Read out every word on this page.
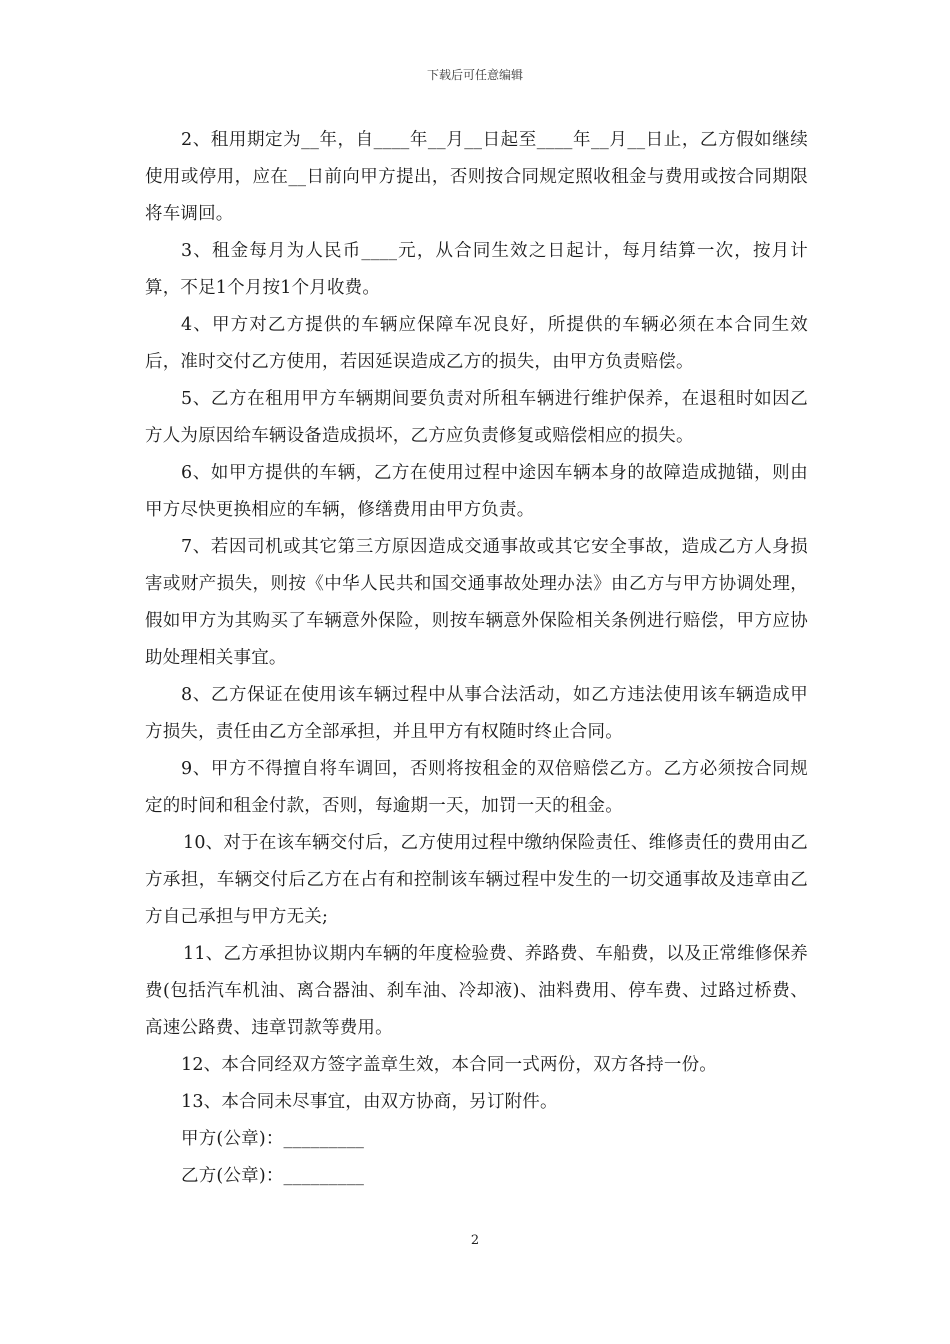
下载后可任意编辑

2、租用期定为__年，自____年__月__日起至____年__月__日止，乙方假如继续使用或停用，应在__日前向甲方提出，否则按合同规定照收租金与费用或按合同期限将车调回。

3、租金每月为人民币____元，从合同生效之日起计，每月结算一次，按月计算，不足1个月按1个月收费。

4、甲方对乙方提供的车辆应保障车况良好，所提供的车辆必须在本合同生效后，准时交付乙方使用，若因延误造成乙方的损失，由甲方负责赔偿。

5、乙方在租用甲方车辆期间要负责对所租车辆进行维护保养，在退租时如因乙方人为原因给车辆设备造成损坏，乙方应负责修复或赔偿相应的损失。

6、如甲方提供的车辆，乙方在使用过程中途因车辆本身的故障造成抛锚，则由甲方尽快更换相应的车辆，修缮费用由甲方负责。

7、若因司机或其它第三方原因造成交通事故或其它安全事故，造成乙方人身损害或财产损失，则按《中华人民共和国交通事故处理办法》由乙方与甲方协调处理，假如甲方为其购买了车辆意外保险，则按车辆意外保险相关条例进行赔偿，甲方应协助处理相关事宜。

8、乙方保证在使用该车辆过程中从事合法活动，如乙方违法使用该车辆造成甲方损失，责任由乙方全部承担，并且甲方有权随时终止合同。

9、甲方不得擅自将车调回，否则将按租金的双倍赔偿乙方。乙方必须按合同规定的时间和租金付款，否则，每逾期一天，加罚一天的租金。

10、对于在该车辆交付后，乙方使用过程中缴纳保险责任、维修责任的费用由乙方承担，车辆交付后乙方在占有和控制该车辆过程中发生的一切交通事故及违章由乙方自己承担与甲方无关;

11、乙方承担协议期内车辆的年度检验费、养路费、车船费，以及正常维修保养费(包括汽车机油、离合器油、刹车油、冷却液)、油料费用、停车费、过路过桥费、高速公路费、违章罚款等费用。

12、本合同经双方签字盖章生效，本合同一式两份，双方各持一份。

13、本合同未尽事宜，由双方协商，另订附件。

甲方(公章)：_________

乙方(公章)：_________

2
